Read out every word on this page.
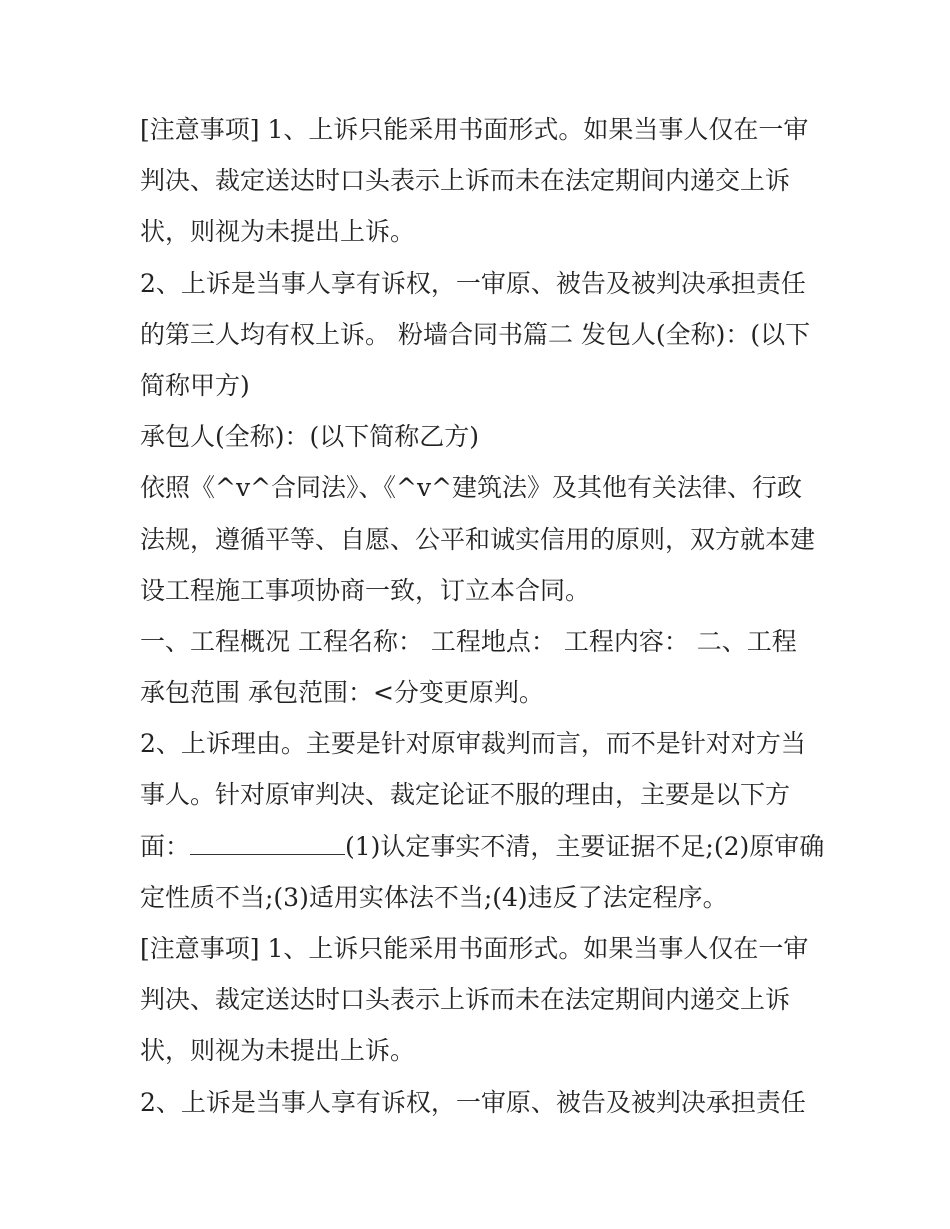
[注意事项] 1、上诉只能采用书面形式。如果当事人仅在一审
判决、裁定送达时口头表示上诉而未在法定期间内递交上诉
状，则视为未提出上诉。
2、上诉是当事人享有诉权，一审原、被告及被判决承担责任
的第三人均有权上诉。 粉墙合同书篇二 发包人(全称)：(以下
简称甲方)
承包人(全称)：(以下简称乙方)
依照《^v^合同法》、《^v^建筑法》及其他有关法律、行政
法规，遵循平等、自愿、公平和诚实信用的原则，双方就本建
设工程施工事项协商一致，订立本合同。
一、工程概况 工程名称： 工程地点： 工程内容： 二、工程
承包范围 承包范围：<分变更原判。
2、上诉理由。主要是针对原审裁判而言，而不是针对对方当
事人。针对原审判决、裁定论证不服的理由，主要是以下方
面：	(1)认定事实不清，主要证据不足;(2)原审确
定性质不当;(3)适用实体法不当;(4)违反了法定程序。
[注意事项] 1、上诉只能采用书面形式。如果当事人仅在一审
判决、裁定送达时口头表示上诉而未在法定期间内递交上诉
状，则视为未提出上诉。
2、上诉是当事人享有诉权，一审原、被告及被判决承担责任
